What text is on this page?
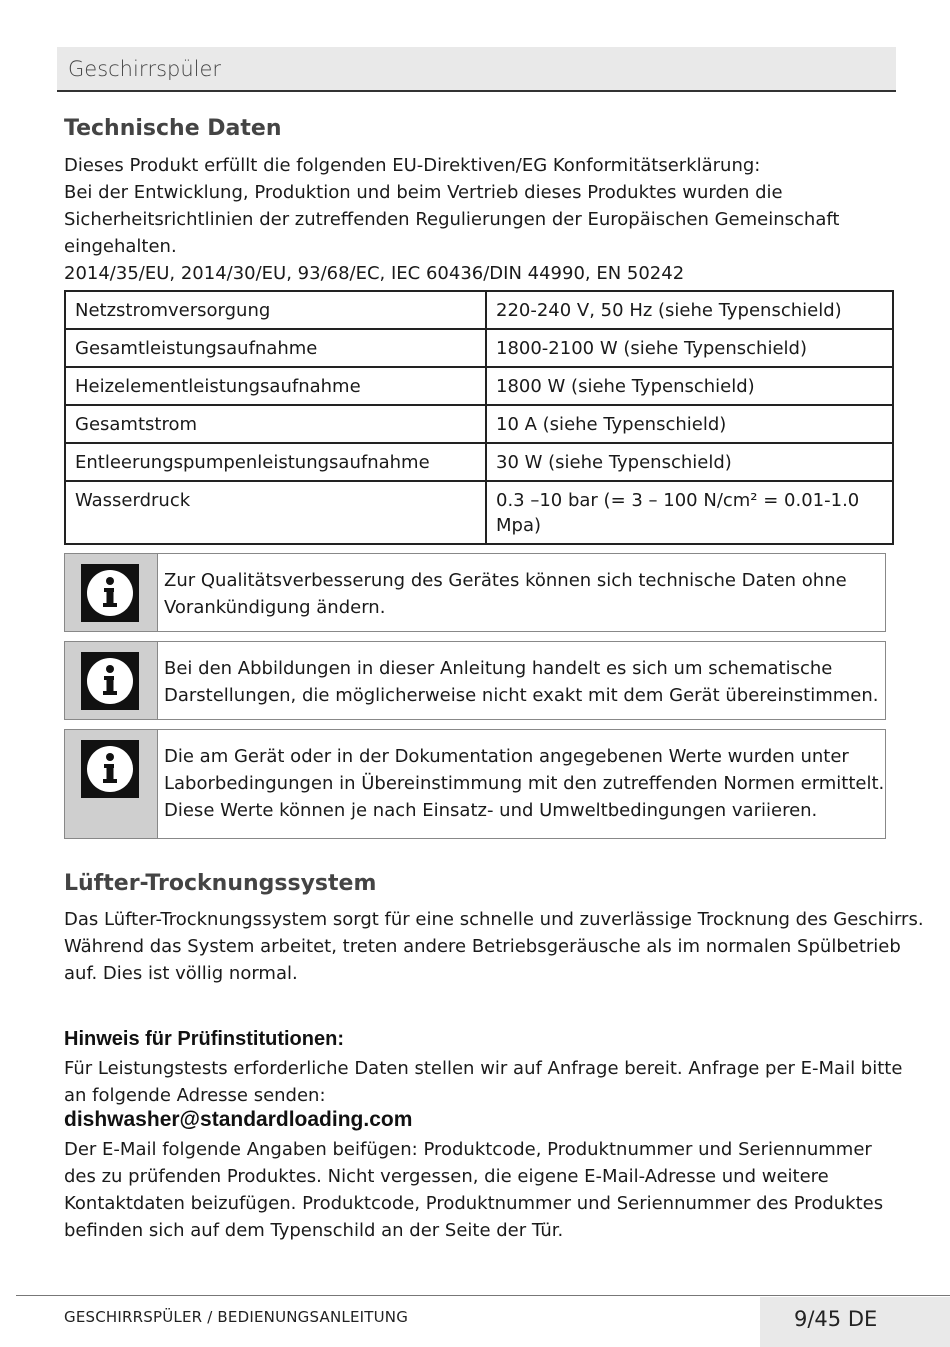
Geschirrspüler
Technische Daten
Dieses Produkt erfüllt die folgenden EU-Direktiven/EG Konformitätserklärung:
Bei der Entwicklung, Produktion und beim Vertrieb dieses Produktes wurden die
Sicherheitsrichtlinien der zutreffenden Regulierungen der Europäischen Gemeinschaft
eingehalten.
2014/35/EU, 2014/30/EU, 93/68/EC, IEC 60436/DIN 44990, EN 50242
Netzstromversorgung	220-240 V, 50 Hz (siehe Typenschield)
Gesamtleistungsaufnahme	1800-2100 W (siehe Typenschield)
Heizelementleistungsaufnahme	1800 W (siehe Typenschield)
Gesamtstrom	10 A (siehe Typenschield)
Entleerungspumpenleistungsaufnahme	30 W (siehe Typenschield)
Wasserdruck	0.3 –10 bar (= 3 – 100 N/cm² = 0.01-1.0 Mpa)
Zur Qualitätsverbesserung des Gerätes können sich technische Daten ohne
Vorankündigung ändern.
Bei den Abbildungen in dieser Anleitung handelt es sich um schematische
Darstellungen, die möglicherweise nicht exakt mit dem Gerät übereinstimmen.
Die am Gerät oder in der Dokumentation angegebenen Werte wurden unter
Laborbedingungen in Übereinstimmung mit den zutreffenden Normen ermittelt.
Diese Werte können je nach Einsatz- und Umweltbedingungen variieren.
Lüfter-Trocknungssystem
Das Lüfter-Trocknungssystem sorgt für eine schnelle und zuverlässige Trocknung des Geschirrs.
Während das System arbeitet, treten andere Betriebsgeräusche als im normalen Spülbetrieb
auf. Dies ist völlig normal.

Hinweis für Prüfinstitutionen:

Für Leistungstests erforderliche Daten stellen wir auf Anfrage bereit. Anfrage per E-Mail bitte
an folgende Adresse senden:

dishwasher@standardloading.com

Der E-Mail folgende Angaben beifügen: Produktcode, Produktnummer und Seriennummer
des zu prüfenden Produktes. Nicht vergessen, die eigene E-Mail-Adresse und weitere
Kontaktdaten beizufügen. Produktcode, Produktnummer und Seriennummer des Produktes
befinden sich auf dem Typenschild an der Seite der Tür.
GESCHIRRSPÜLER / BEDIENUNGSANLEITUNG	9/45 DE
